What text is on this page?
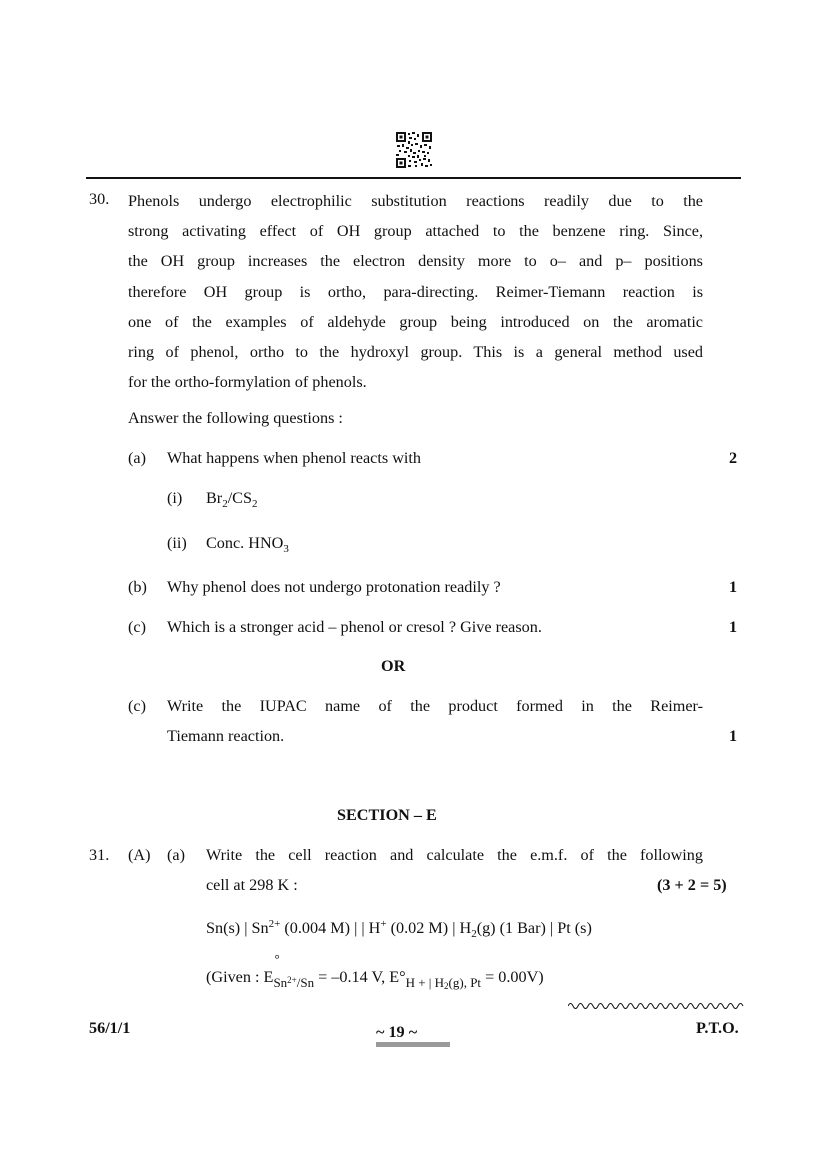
30. Phenols undergo electrophilic substitution reactions readily due to the
strong activating effect of OH group attached to the benzene ring. Since,
the OH group increases the electron density more to o– and p– positions
therefore OH group is ortho, para-directing. Reimer-Tiemann reaction is
one of the examples of aldehyde group being introduced on the aromatic
ring of phenol, ortho to the hydroxyl group. This is a general method used
for the ortho-formylation of phenols.
Answer the following questions :
(a) What happens when phenol reacts with	2
(i) $Br_2/CS_2$
(ii) Conc. $HNO_3$
(b) Why phenol does not undergo protonation readily ?	1
(c) Which is a stronger acid – phenol or cresol ? Give reason.	1
OR
(c) Write the IUPAC name of the product formed in the Reimer-
Tiemann reaction.	1
SECTION – E
31. (A) (a) Write the cell reaction and calculate the e.m.f. of the following
cell at 298 K :	(3 + 2 = 5)
Sn(s) | $Sn^{2+}$ (0.004 M) | | H+ (0.02 M) | $H_2(g)$ (1 Bar) | Pt (s)
(Given : E
°
$_{Sn^{2+}/Sn}$ = –0.14 V, $E^\circ_{H + | H_2(g), Pt} = 0.00V$)
56/1/1	~ 19 ~	P.T.O.
